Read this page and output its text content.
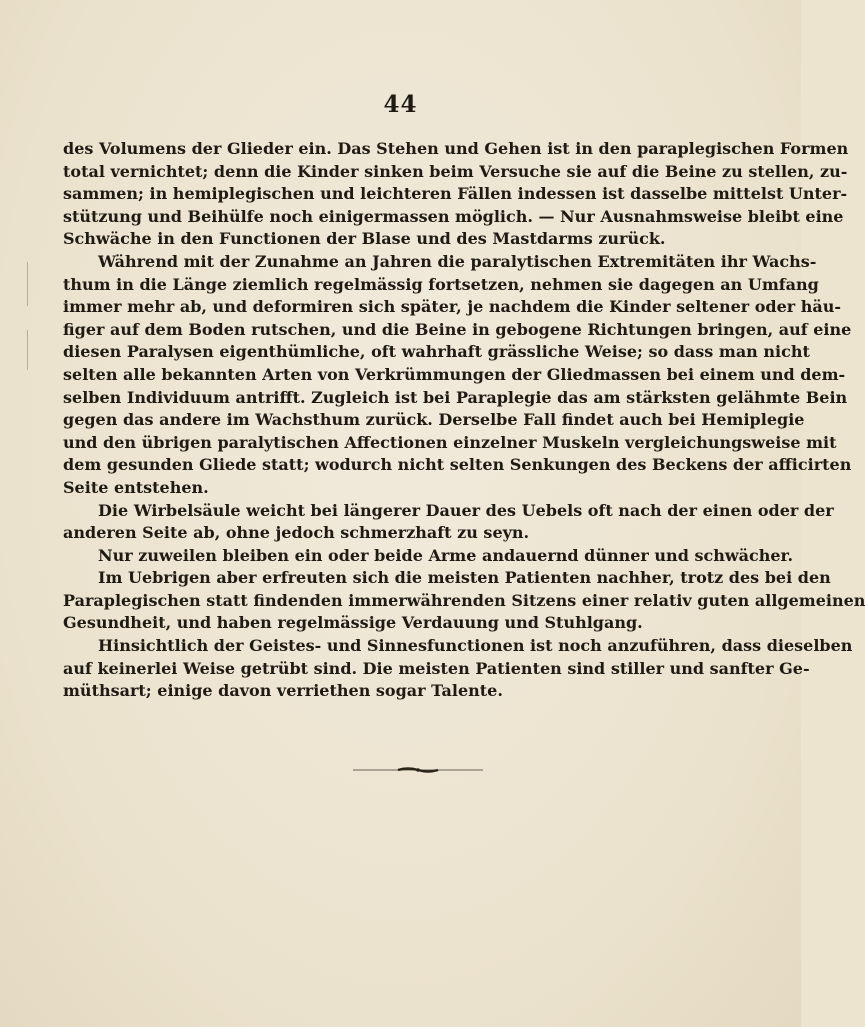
44
des Volumens der Glieder ein. Das Stehen und Gehen ist in den paraplegischen Formen
total vernichtet; denn die Kinder sinken beim Versuche sie auf die Beine zu stellen, zu-
sammen; in hemiplegischen und leichteren Fällen indessen ist dasselbe mittelst Unter-
stützung und Beihülfe noch einigermassen möglich. — Nur Ausnahmsweise bleibt eine
Schwäche in den Functionen der Blase und des Mastdarms zurück.
Während mit der Zunahme an Jahren die paralytischen Extremitäten ihr Wachs-
thum in die Länge ziemlich regelmässig fortsetzen, nehmen sie dagegen an Umfang
immer mehr ab, und deformiren sich später, je nachdem die Kinder seltener oder häu-
figer auf dem Boden rutschen, und die Beine in gebogene Richtungen bringen, auf eine
diesen Paralysen eigenthümliche, oft wahrhaft grässliche Weise; so dass man nicht
selten alle bekannten Arten von Verkrümmungen der Gliedmassen bei einem und dem-
selben Individuum antrifft. Zugleich ist bei Paraplegie das am stärksten gelähmte Bein
gegen das andere im Wachsthum zurück. Derselbe Fall findet auch bei Hemiplegie
und den übrigen paralytischen Affectionen einzelner Muskeln vergleichungsweise mit
dem gesunden Gliede statt; wodurch nicht selten Senkungen des Beckens der afficirten
Seite entstehen.
Die Wirbelsäule weicht bei längerer Dauer des Uebels oft nach der einen oder der
anderen Seite ab, ohne jedoch schmerzhaft zu seyn.
Nur zuweilen bleiben ein oder beide Arme andauernd dünner und schwächer.
Im Uebrigen aber erfreuten sich die meisten Patienten nachher, trotz des bei den
Paraplegischen statt findenden immerwährenden Sitzens einer relativ guten allgemeinen
Gesundheit, und haben regelmässige Verdauung und Stuhlgang.
Hinsichtlich der Geistes- und Sinnesfunctionen ist noch anzuführen, dass dieselben
auf keinerlei Weise getrübt sind. Die meisten Patienten sind stiller und sanfter Ge-
müthsart; einige davon verriethen sogar Talente.
